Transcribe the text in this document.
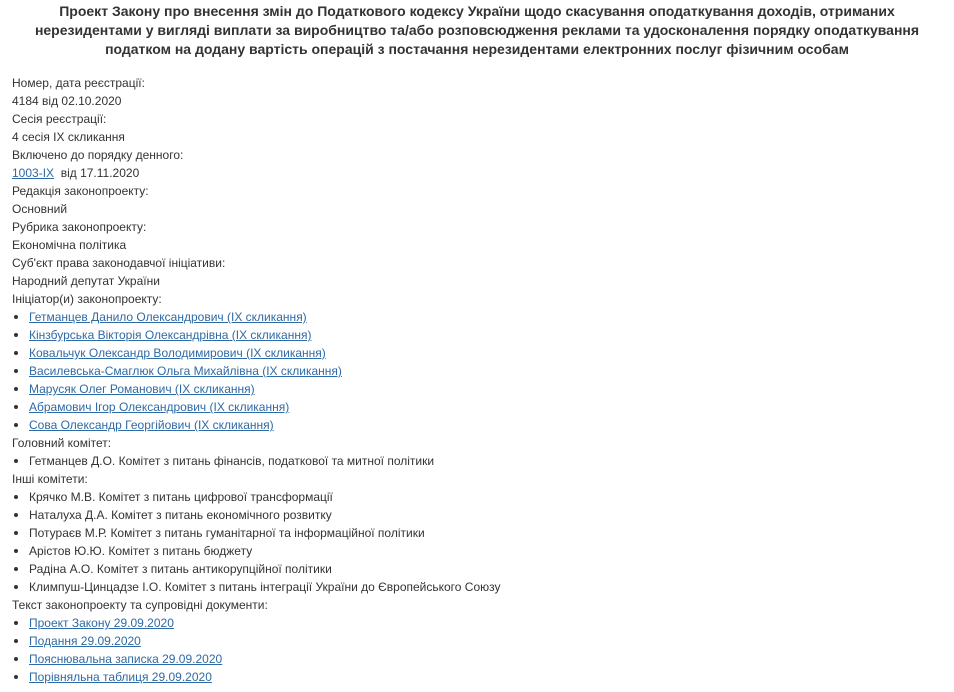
Проект Закону про внесення змін до Податкового кодексу України щодо скасування оподаткування доходів, отриманих нерезидентами у вигляді виплати за виробництво та/або розповсюдження реклами та удосконалення порядку оподаткування податком на додану вартість операцій з постачання нерезидентами електронних послуг фізичним особам
Номер, дата реєстрації:
4184 від 02.10.2020
Сесія реєстрації:
4 сесія IX скликання
Включено до порядку денного:
1003-IX  від 17.11.2020
Редакція законопроекту:
Основний
Рубрика законопроекту:
Економічна політика
Суб'єкт права законодавчої ініціативи:
Народний депутат України
Ініціатор(и) законопроекту:
Гетманцев Данило Олександрович (IX скликання)
Кінзбурська Вікторія Олександрівна (IX скликання)
Ковальчук Олександр Володимирович (IX скликання)
Василевська-Смаглюк Ольга Михайлівна (IX скликання)
Марусяк Олег Романович (IX скликання)
Абрамович Ігор Олександрович (IX скликання)
Сова Олександр Георгійович (IX скликання)
Головний комітет:
Гетманцев Д.О. Комітет з питань фінансів, податкової та митної політики
Інші комітети:
Крячко М.В. Комітет з питань цифрової трансформації
Наталуха Д.А. Комітет з питань економічного розвитку
Потураєв М.Р. Комітет з питань гуманітарної та інформаційної політики
Арістов Ю.Ю. Комітет з питань бюджету
Радіна А.О. Комітет з питань антикорупційної політики
Климпуш-Цинцадзе І.О. Комітет з питань інтеграції України до Європейського Союзу
Текст законопроекту та супровідні документи:
Проект Закону 29.09.2020
Подання 29.09.2020
Пояснювальна записка 29.09.2020
Порівняльна таблиця 29.09.2020
